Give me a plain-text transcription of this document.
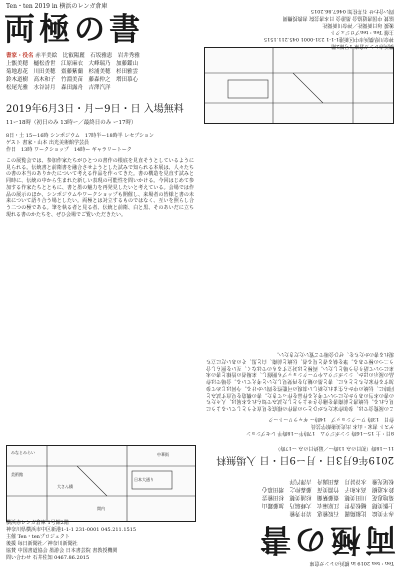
Ten・ten 2019 in 横浜のレンガ倉庫
両極の書
書家・役名 赤平美絵　比叡陽麗　石坂雅恵　岩井秀雅
上甑美穂　樋松香世　江原麻衣　大峰瑞乃　加藤鑑山
菊地恵花　川田美穂　齋藤紫蘭　杉浦美穂　杉田雅雲
鈴木道樹　高木和子　竹淵美苗　藤森仲之　増田慕心
松尾光雅　水谷詩月　森田露舟　吉澤汽洋
2019年6月3日・月ー9日・日 入場無料
11ー18時（初日のみ 13時ー／最終日のみ ー17時）
8日・土 15ー16時 シンポジウム　17時半ー18時半 レセプション
ゲスト 書家・山本 出光美術館学芸員
作日　13時 ワークショップ　14時ー ギャラリートーク
この展覧会では、参加作家たちがひとつの書作の根底を見直そうとしているように見られる。伝統書と前衛書を融合させようとした試みで知られる本展は、人々たちの書の本当のありかたについて考える作品を作ってきた。書の構造を見直す試みと同時に、伝統の中から生まれた新しい表現の可能性を問いかける。今回はじめて参加する作家たちとともに、書と墨の魅力を再発見したいと考えている。会場では作品の展示のほか、シンポジウムやワークショップも開催し、来場者の皆様と書の未来について語り合う場としたい。両極とは対立するものではなく、互いを照らし合う二つの極である。筆を執る者と見る者、伝統と前衛、白と黒、そのあいだに立ち現れる書のかたちを、ぜひ会場でご覧いただきたい。
みなとみらい
美術館
中華街
関内
日本大通り
大さん橋
横浜赤レンガ倉庫 1号館2階
神奈川県横浜市中区新港1-1-1 231-0001 045.211.1515
主催 Ten・tenプロジェクト
後援 毎日新聞社／神奈川新聞社
協賛 中国書道協会 墨游会 日本書芸院 書教授機関
問い合わせ 石井佐知 0467.86.2015
Ten・ten 2019 in 横浜のレンガ倉庫
両極の書
赤平美絵　比叡陽麗　石坂雅恵　岩井秀雅
上甑美穂　樋松香世　江原麻衣　大峰瑞乃　加藤鑑山
菊地恵花　川田美穂　齋藤紫蘭　杉浦美穂　杉田雅雲
鈴木道樹　高木和子　竹淵美苗　藤森仲之　増田慕心
松尾光雅　水谷詩月　森田露舟　吉澤汽洋
2019年6月3日・月ー9日・日 入場無料
11ー18時（初日のみ 13時ー／最終日のみ ー17時）
8日・土 15ー16時 シンポジウム　17時半ー18時半 レセプション
ゲスト 書家・山本 出光美術館学芸員
作日　13時 ワークショップ　14時ー ギャラリートーク
この展覧会では、参加作家たちがひとつの書作の根底を見直そうとしているように見られる。伝統書と前衛書を融合させようとした試みで知られる本展は、人々たちの書の本当のありかたについて考える作品を作ってきた。書の構造を見直す試みと同時に、伝統の中から生まれた新しい表現の可能性を問いかける。今回はじめて参加する作家たちとともに、書と墨の魅力を再発見したいと考えている。会場では作品の展示のほか、シンポジウムやワークショップも開催し、来場者の皆様と書の未来について語り合う場としたい。両極とは対立するものではなく、互いを照らし合う二つの極である。筆を執る者と見る者、伝統と前衛、白と黒、そのあいだに立ち現れる書のかたちを、ぜひ会場でご覧いただきたい。
横浜赤レンガ倉庫 1号館2階
神奈川県横浜市中区新港1-1-1 231-0001 045.211.1515
主催 Ten・tenプロジェクト
後援 毎日新聞社／神奈川新聞社
協賛 中国書道協会 墨游会 日本書芸院 書教授機関
問い合わせ 石井佐知 0467.86.2015
